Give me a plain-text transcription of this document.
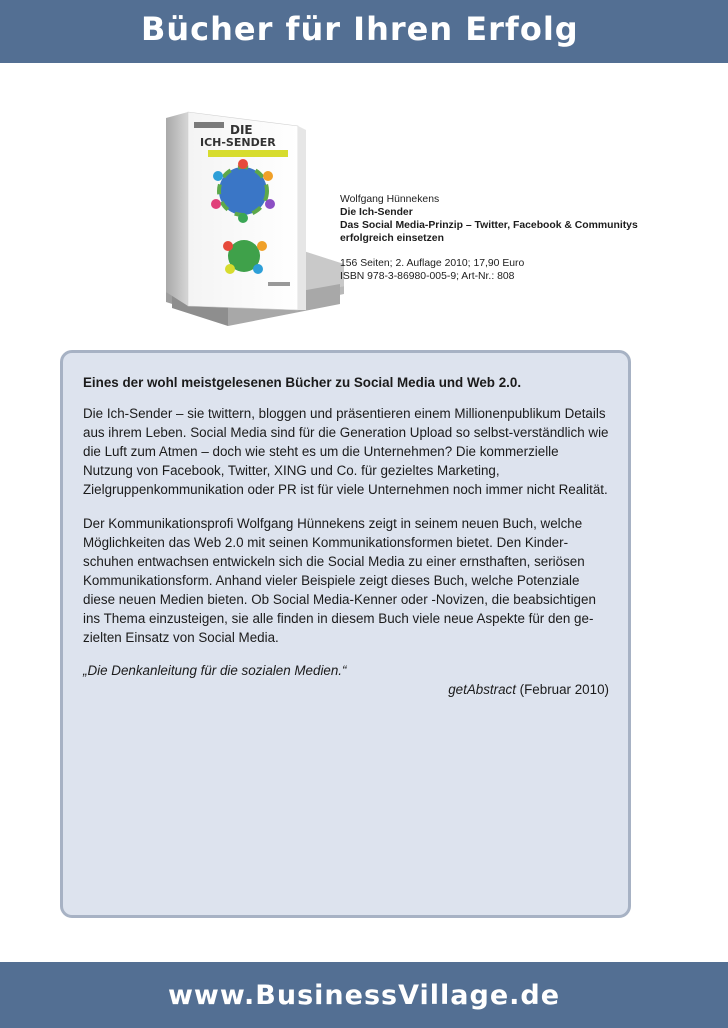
Bücher für Ihren Erfolg
DIE
ICH-SENDER
Wolfgang Hünnekens
Die Ich-Sender
Das Social Media-Prinzip – Twitter, Facebook & Communitys erfolgreich einsetzen
156 Seiten; 2. Auflage 2010; 17,90 Euro
ISBN 978-3-86980-005-9; Art-Nr.: 808

Eines der wohl meistgelesenen Bücher zu Social Media und Web 2.0.

Die Ich-Sender – sie twittern, bloggen und präsentieren einem Millionenpublikum Details aus ihrem Leben. Social Media sind für die Generation Upload so selbst-verständlich wie die Luft zum Atmen – doch wie steht es um die Unternehmen? Die kommerzielle Nutzung von Facebook, Twitter, XING und Co. für gezieltes Marketing, Zielgruppenkommunikation oder PR ist für viele Unternehmen noch immer nicht Realität.

Der Kommunikationsprofi Wolfgang Hünnekens zeigt in seinem neuen Buch, welche Möglichkeiten das Web 2.0 mit seinen Kommunikationsformen bietet. Den Kinder-schuhen entwachsen entwickeln sich die Social Media zu einer ernsthaften, seriösen Kommunikationsform. Anhand vieler Beispiele zeigt dieses Buch, welche Potenziale diese neuen Medien bieten. Ob Social Media-Kenner oder -Novizen, die beabsichtigen ins Thema einzusteigen, sie alle finden in diesem Buch viele neue Aspekte für den ge-zielten Einsatz von Social Media.

„Die Denkanleitung für die sozialen Medien.“

getAbstract (Februar 2010)

www.BusinessVillage.de
